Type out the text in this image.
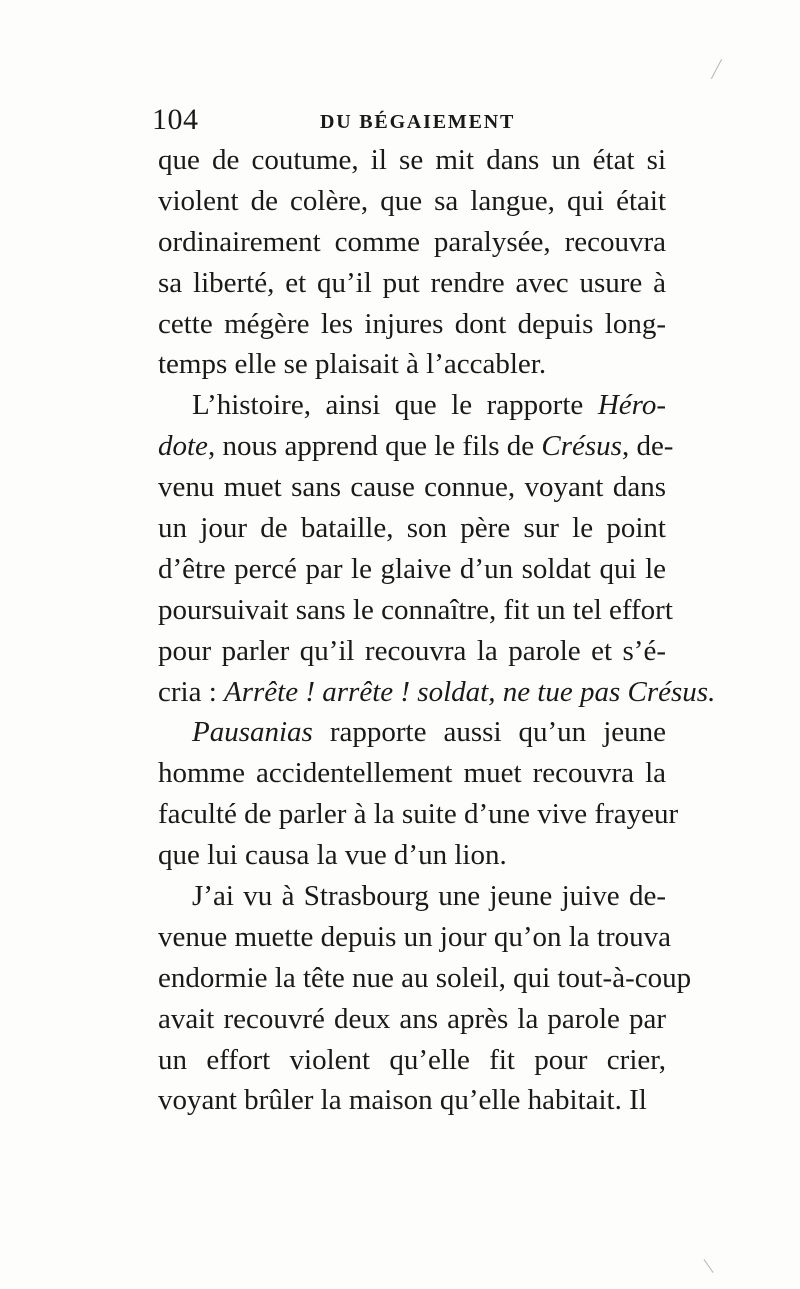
104	DU BÉGAIEMENT
que de coutume, il se mit dans un état si
violent de colère, que sa langue, qui était
ordinairement comme paralysée, recouvra
sa liberté, et qu’il put rendre avec usure à
cette mégère les injures dont depuis long-
temps elle se plaisait à l’accabler.
L’histoire, ainsi que le rapporte Héro-
dote, nous apprend que le fils de Crésus, de-
venu muet sans cause connue, voyant dans
un jour de bataille, son père sur le point
d’être percé par le glaive d’un soldat qui le
poursuivait sans le connaître, fit un tel effort
pour parler qu’il recouvra la parole et s’é-
cria : Arrête ! arrête ! soldat, ne tue pas Crésus.
Pausanias rapporte aussi qu’un jeune
homme accidentellement muet recouvra la
faculté de parler à la suite d’une vive frayeur
que lui causa la vue d’un lion.
J’ai vu à Strasbourg une jeune juive de-
venue muette depuis un jour qu’on la trouva
endormie la tête nue au soleil, qui tout-à-coup
avait recouvré deux ans après la parole par
un effort violent qu’elle fit pour crier,
voyant brûler la maison qu’elle habitait. Il
